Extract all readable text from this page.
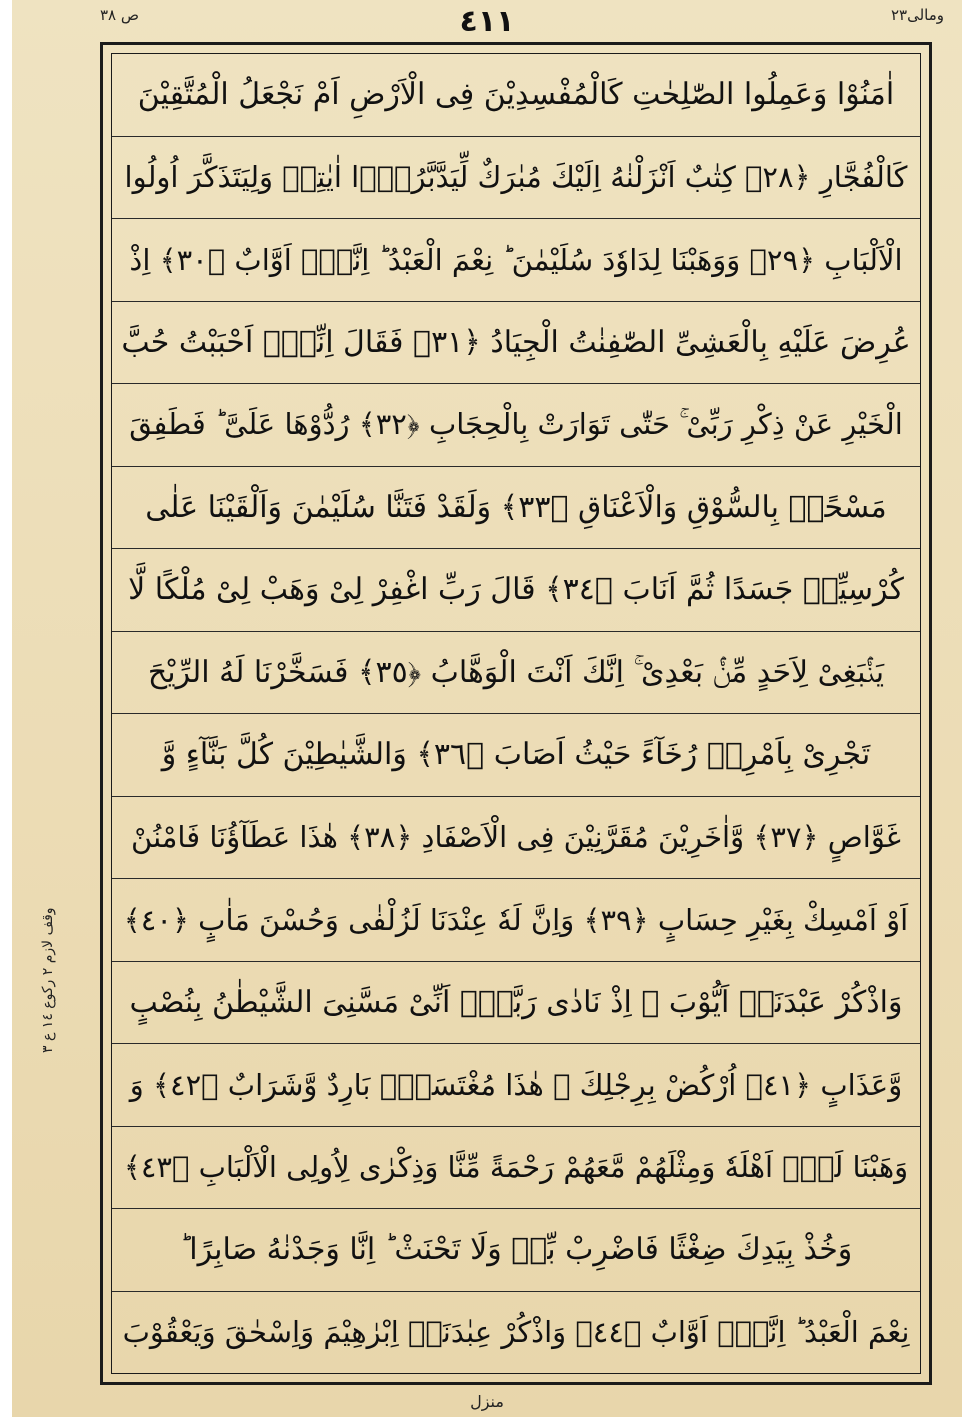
ص ٣٨	٤١١	ومالى٢٣
اٰمَنُوْا وَعَمِلُوا الصّٰلِحٰتِ كَالْمُفْسِدِيْنَ فِى الْاَرْضِ اَمْ نَجْعَلُ الْمُتَّقِيْنَ
كَالْفُجَّارِ ﴿٢٨﴾ كِتٰبٌ اَنْزَلْنٰهُ اِلَيْكَ مُبٰرَكٌ لِّيَدَّبَّرُوْۤا اٰيٰتِهٖ وَلِيَتَذَكَّرَ اُولُوا
الْاَلْبَابِ ﴿٢٩﴾ وَوَهَبْنَا لِدَاوٗدَ سُلَيْمٰنَ ؕ نِعْمَ الْعَبْدُ ؕ اِنَّهٗۤ اَوَّابٌ ﴿٣٠﴾ اِذْ
عُرِضَ عَلَيْهِ بِالْعَشِىِّ الصّٰفِنٰتُ الْجِيَادُ ﴿٣١﴾ فَقَالَ اِنِّىْۤ اَحْبَبْتُ حُبَّ
الْخَيْرِ عَنْ ذِكْرِ رَبِّىْ ۚ حَتّٰى تَوَارَتْ بِالْحِجَابِ ﴿٣٢﴾ رُدُّوْهَا عَلَىَّ ؕ فَطَفِقَ
مَسْحًاۢ بِالسُّوْقِ وَالْاَعْنَاقِ ﴿٣٣﴾ وَلَقَدْ فَتَنَّا سُلَيْمٰنَ وَاَلْقَيْنَا عَلٰى
كُرْسِيِّهٖ جَسَدًا ثُمَّ اَنَابَ ﴿٣٤﴾ قَالَ رَبِّ اغْفِرْ لِىْ وَهَبْ لِىْ مُلْكًا لَّا
يَنْۢبَغِىْ لِاَحَدٍ مِّنْۢ بَعْدِىْ ۚ اِنَّكَ اَنْتَ الْوَهَّابُ ﴿٣٥﴾ فَسَخَّرْنَا لَهُ الرِّيْحَ
تَجْرِىْ بِاَمْرِهٖ رُخَآءً حَيْثُ اَصَابَ ﴿٣٦﴾ وَالشَّيٰطِيْنَ كُلَّ بَنَّآءٍ وَّ
غَوَّاصٍ ﴿٣٧﴾ وَّاٰخَرِيْنَ مُقَرَّنِيْنَ فِى الْاَصْفَادِ ﴿٣٨﴾ هٰذَا عَطَآؤُنَا فَامْنُنْ
اَوْ اَمْسِكْ بِغَيْرِ حِسَابٍ ﴿٣٩﴾ وَاِنَّ لَهٗ عِنْدَنَا لَزُلْفٰى وَحُسْنَ مَاٰبٍ ﴿٤٠﴾
وَاذْكُرْ عَبْدَنَاۤ اَيُّوْبَ ۘ اِذْ نَادٰى رَبَّهٗۤ اَنِّىْ مَسَّنِىَ الشَّيْطٰنُ بِنُصْبٍ
وَّعَذَابٍ ﴿٤١﴾ اُرْكُضْ بِرِجْلِكَ ۚ هٰذَا مُغْتَسَلٌۢ بَارِدٌ وَّشَرَابٌ ﴿٤٢﴾ وَ
وَهَبْنَا لَهٗۤ اَهْلَهٗ وَمِثْلَهُمْ مَّعَهُمْ رَحْمَةً مِّنَّا وَذِكْرٰى لِاُولِى الْاَلْبَابِ ﴿٤٣﴾
وَخُذْ بِيَدِكَ ضِغْثًا فَاضْرِبْ بِّهٖ وَلَا تَحْنَثْ ؕ اِنَّا وَجَدْنٰهُ صَابِرًا ؕ
نِعْمَ الْعَبْدُ ؕ اِنَّهٗۤ اَوَّابٌ ﴿٤٤﴾ وَاذْكُرْ عِبٰدَنَاۤ اِبْرٰهِيْمَ وَاِسْحٰقَ وَيَعْقُوْبَ
وقف لازم ٢ ركوع ١٤ ع ٣
منزل
